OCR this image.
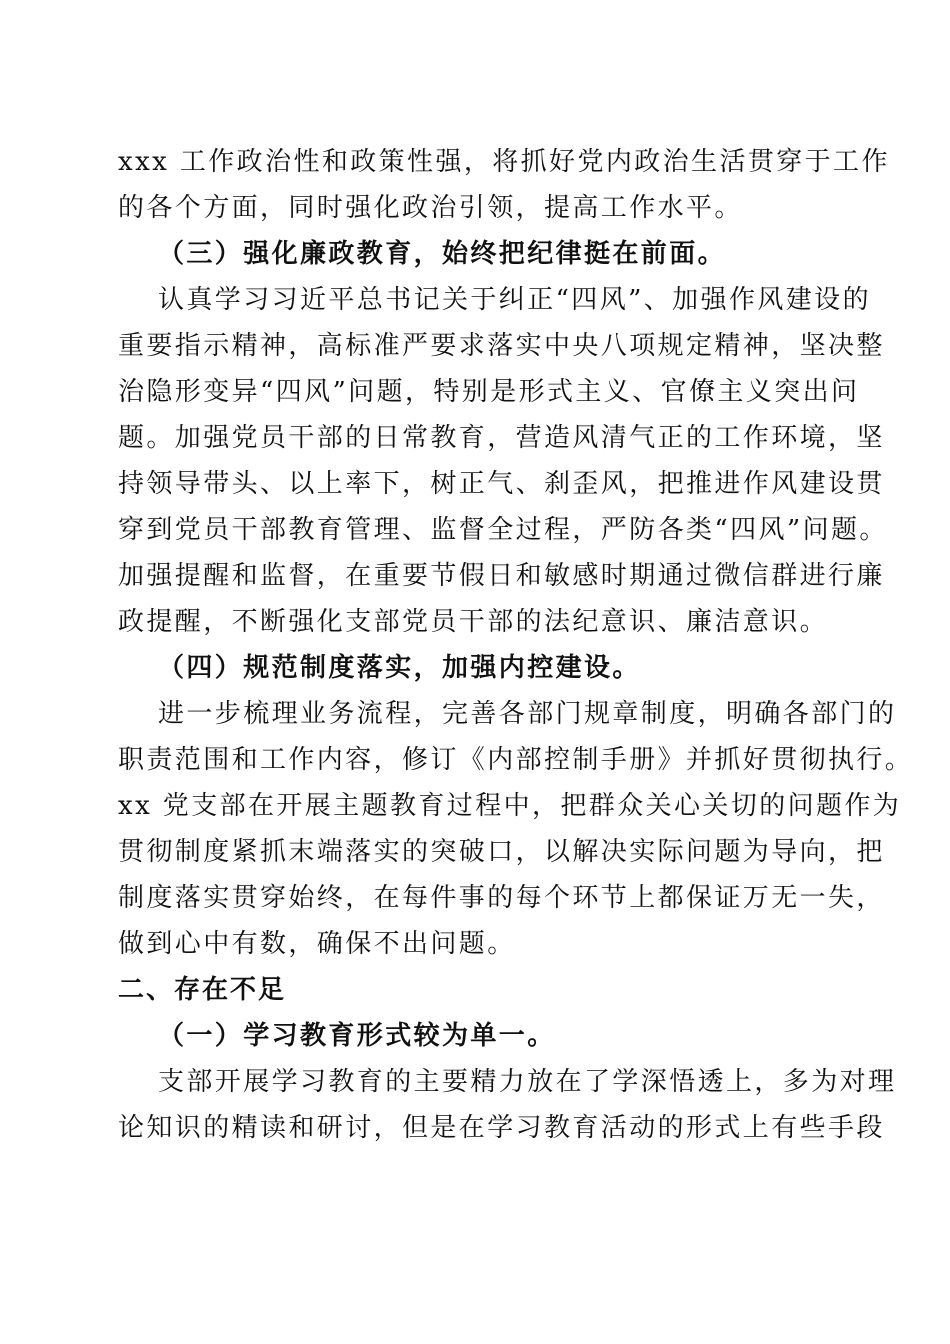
xxx 工作政治性和政策性强，将抓好党内政治生活贯穿于工作
的各个方面，同时强化政治引领，提高工作水平。
（三）强化廉政教育，始终把纪律挺在前面。
认真学习习近平总书记关于纠正“四风”、加强作风建设的
重要指示精神，高标准严要求落实中央八项规定精神，坚决整
治隐形变异“四风”问题，特别是形式主义、官僚主义突出问
题。加强党员干部的日常教育，营造风清气正的工作环境，坚
持领导带头、以上率下，树正气、刹歪风，把推进作风建设贯
穿到党员干部教育管理、监督全过程，严防各类“四风”问题。
加强提醒和监督，在重要节假日和敏感时期通过微信群进行廉
政提醒，不断强化支部党员干部的法纪意识、廉洁意识。
（四）规范制度落实，加强内控建设。
进一步梳理业务流程，完善各部门规章制度，明确各部门的
职责范围和工作内容，修订《内部控制手册》并抓好贯彻执行。
xx 党支部在开展主题教育过程中，把群众关心关切的问题作为
贯彻制度紧抓末端落实的突破口，以解决实际问题为导向，把
制度落实贯穿始终，在每件事的每个环节上都保证万无一失，
做到心中有数，确保不出问题。
二、存在不足
（一）学习教育形式较为单一。
支部开展学习教育的主要精力放在了学深悟透上，多为对理
论知识的精读和研讨，但是在学习教育活动的形式上有些手段
